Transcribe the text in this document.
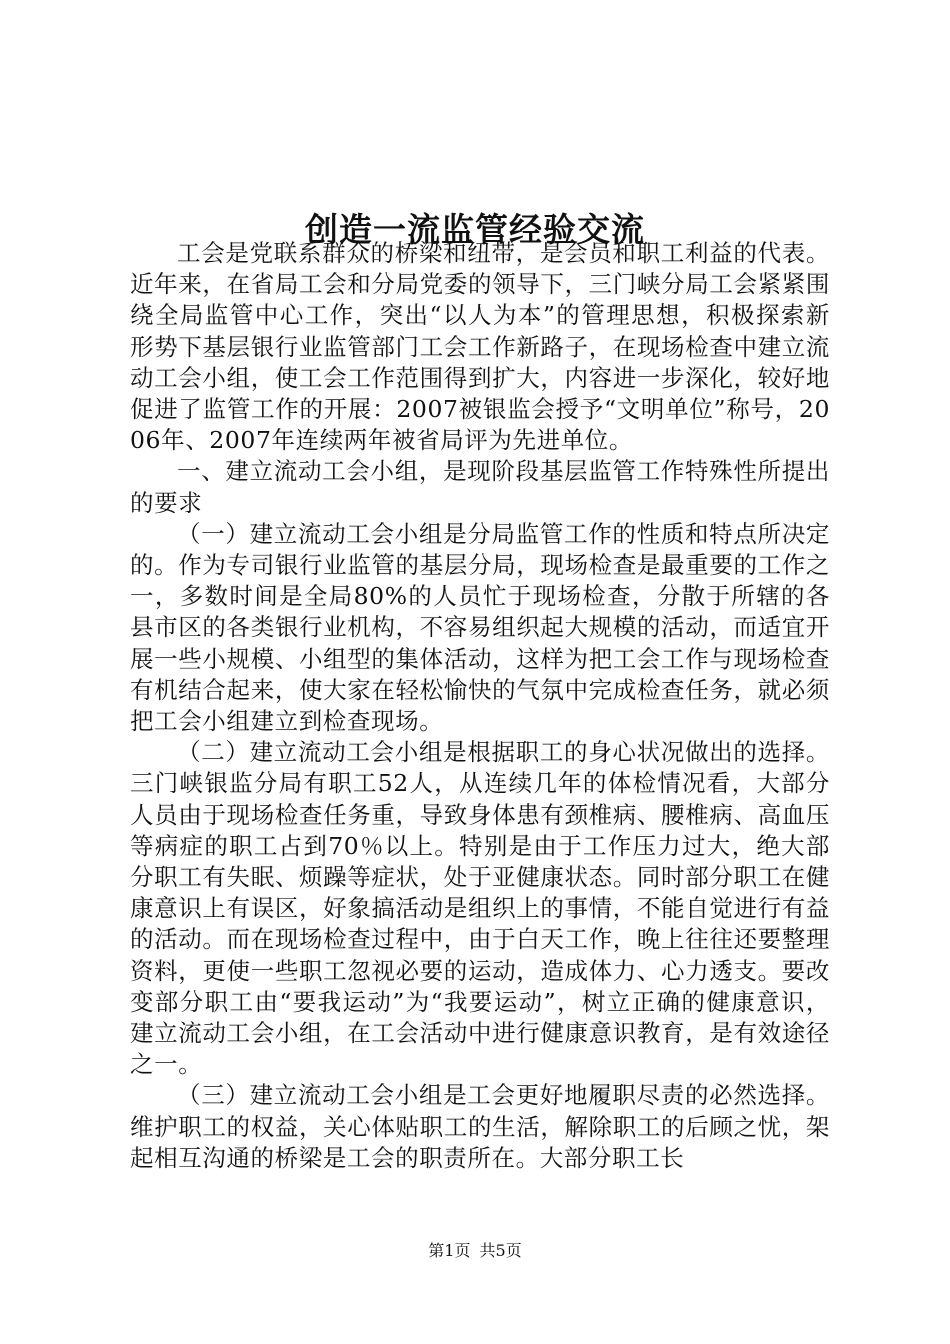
创造一流监管经验交流

工会是党联系群众的桥梁和纽带，是会员和职工利益的代表。近年来，在省局工会和分局党委的领导下，三门峡分局工会紧紧围绕全局监管中心工作，突出“以人为本”的管理思想，积极探索新形势下基层银行业监管部门工会工作新路子，在现场检查中建立流动工会小组，使工会工作范围得到扩大，内容进一步深化，较好地促进了监管工作的开展：2007被银监会授予“文明单位”称号，2006年、2007年连续两年被省局评为先进单位。

一、建立流动工会小组，是现阶段基层监管工作特殊性所提出的要求

（一）建立流动工会小组是分局监管工作的性质和特点所决定的。作为专司银行业监管的基层分局，现场检查是最重要的工作之一，多数时间是全局80%的人员忙于现场检查，分散于所辖的各县市区的各类银行业机构，不容易组织起大规模的活动，而适宜开展一些小规模、小组型的集体活动，这样为把工会工作与现场检查有机结合起来，使大家在轻松愉快的气氛中完成检查任务，就必须把工会小组建立到检查现场。

（二）建立流动工会小组是根据职工的身心状况做出的选择。三门峡银监分局有职工52人，从连续几年的体检情况看，大部分人员由于现场检查任务重，导致身体患有颈椎病、腰椎病、高血压等病症的职工占到70％以上。特别是由于工作压力过大，绝大部分职工有失眠、烦躁等症状，处于亚健康状态。同时部分职工在健康意识上有误区，好象搞活动是组织上的事情，不能自觉进行有益的活动。而在现场检查过程中，由于白天工作，晚上往往还要整理资料，更使一些职工忽视必要的运动，造成体力、心力透支。要改变部分职工由“要我运动”为“我要运动”，树立正确的健康意识，建立流动工会小组，在工会活动中进行健康意识教育，是有效途径之一。

（三）建立流动工会小组是工会更好地履职尽责的必然选择。维护职工的权益，关心体贴职工的生活，解除职工的后顾之忧，架起相互沟通的桥梁是工会的职责所在。大部分职工长

第1页 共5页
